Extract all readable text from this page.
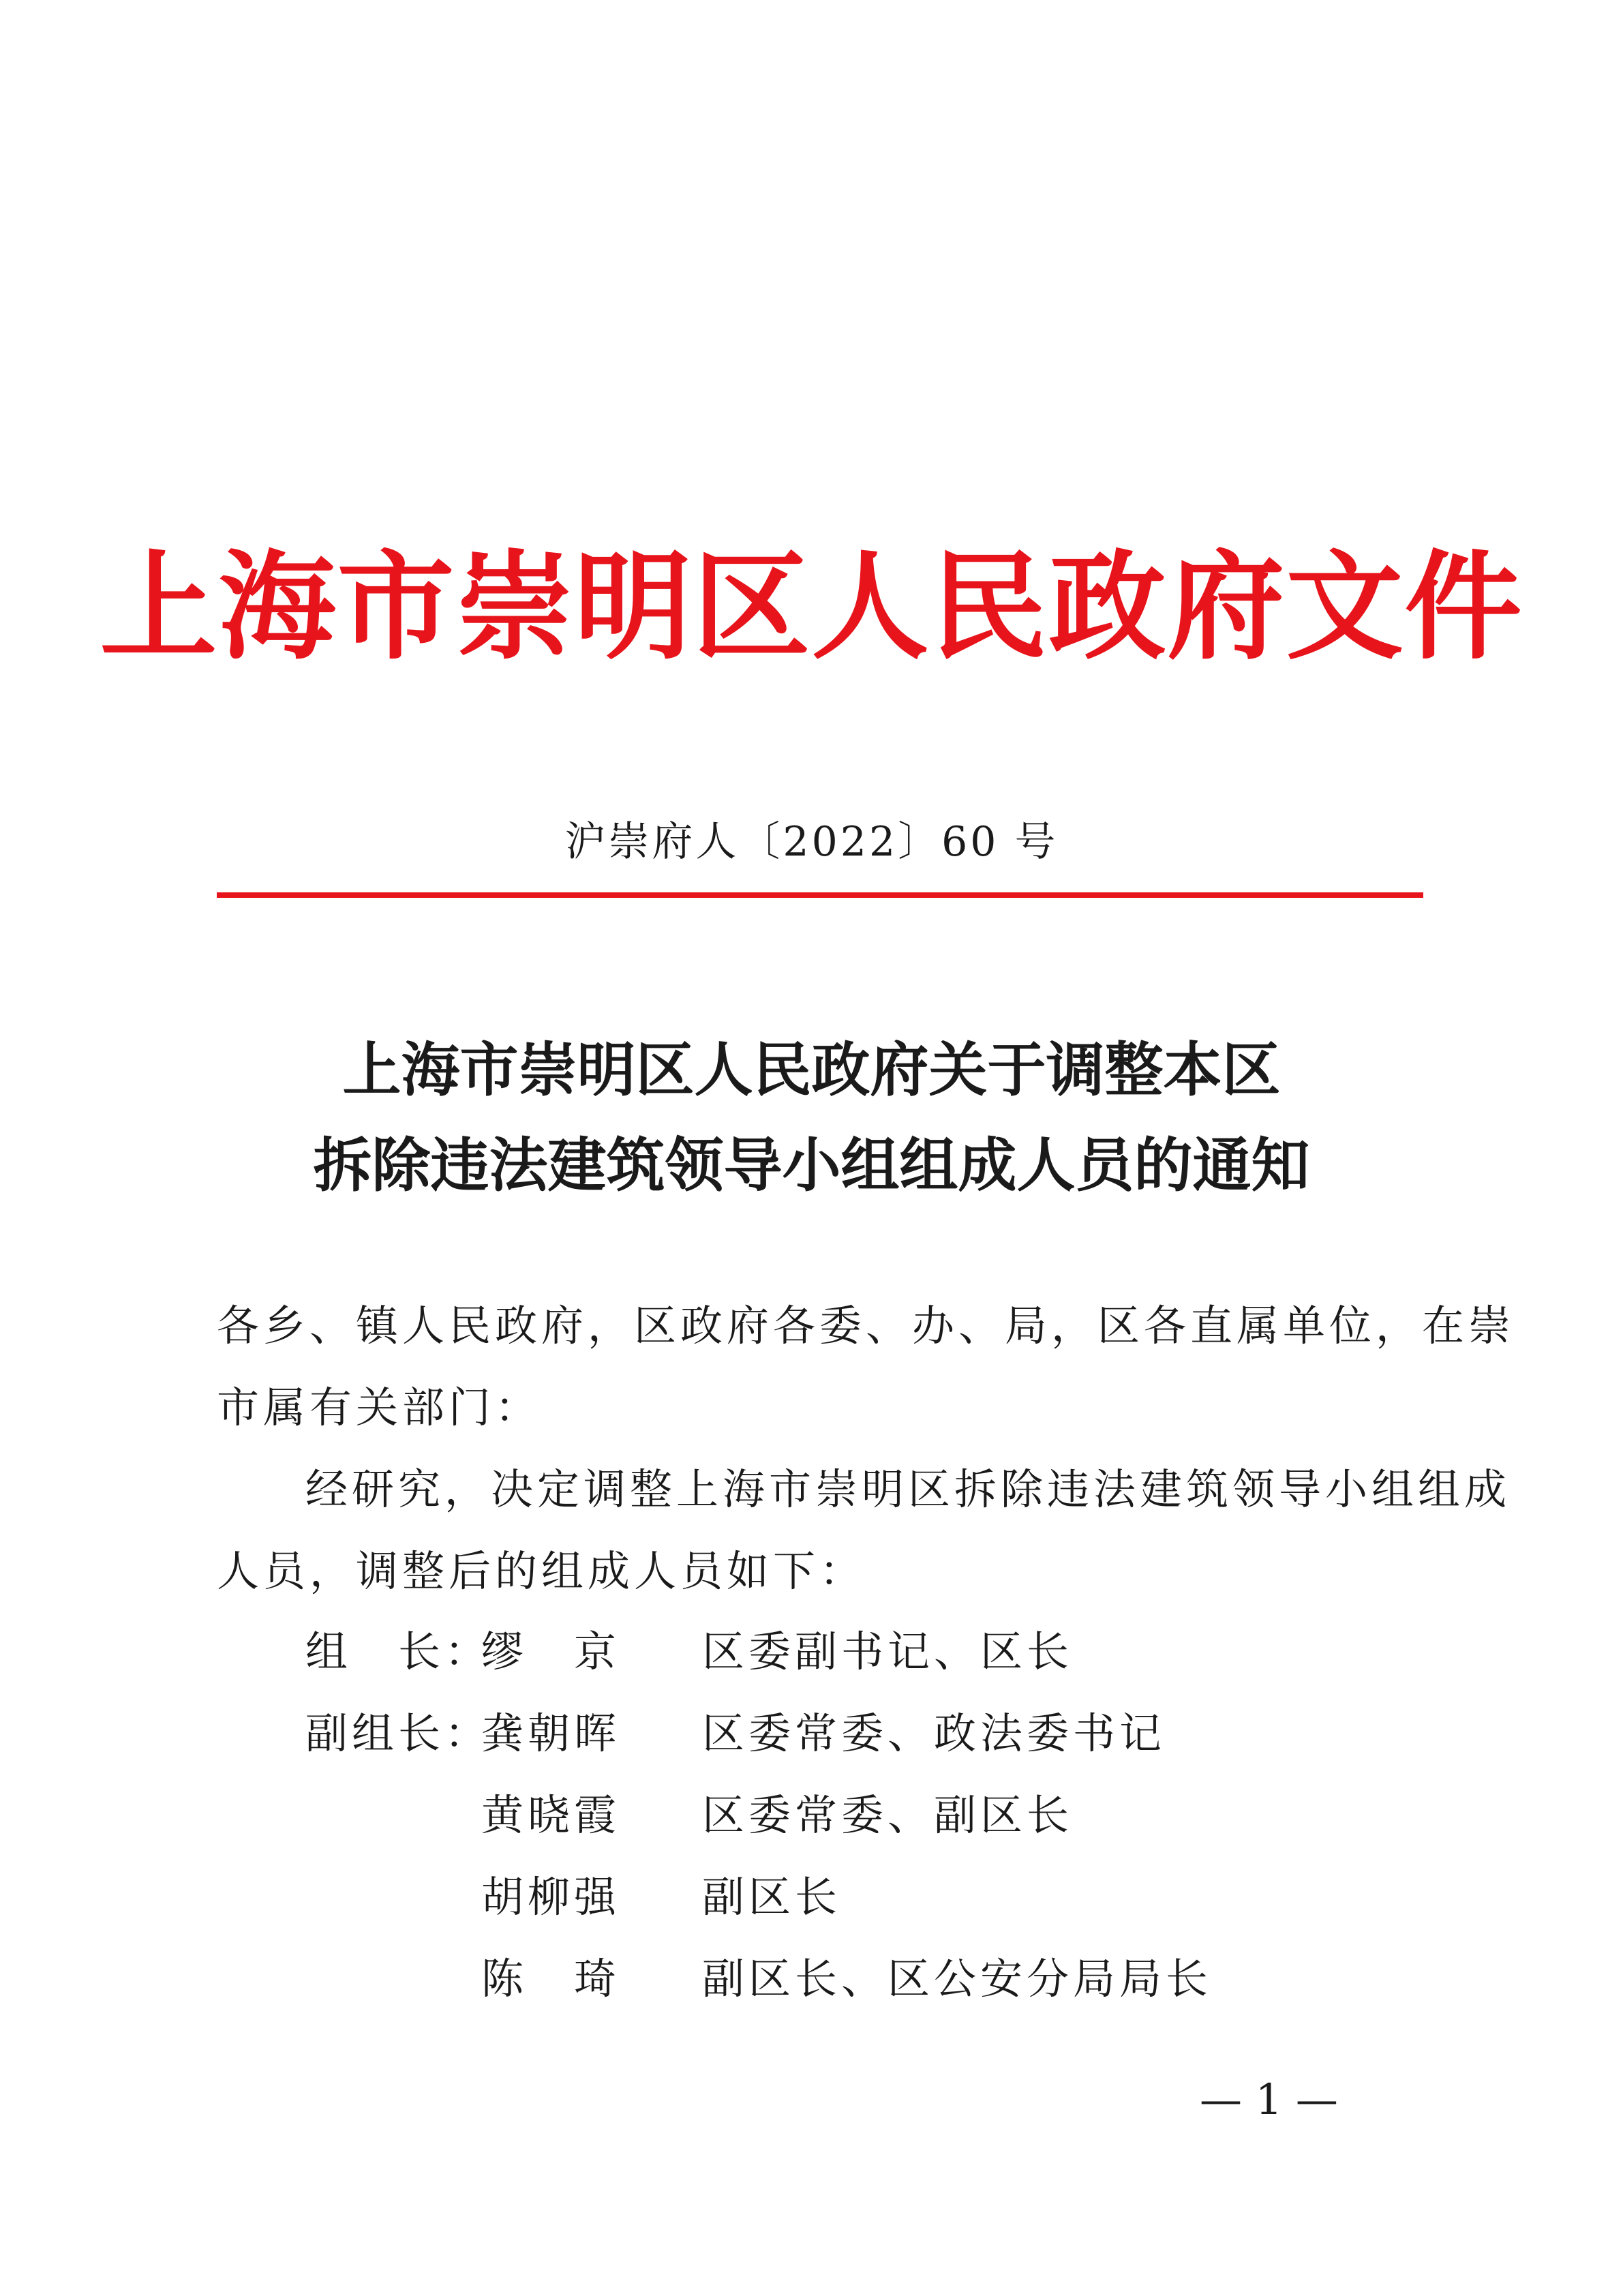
上海市崇明区人民政府文件
沪崇府人〔2022〕60 号
上海市崇明区人民政府关于调整本区
拆除违法建筑领导小组组成人员的通知
各乡、镇人民政府，区政府各委、办、局，区各直属单位，在崇
市属有关部门：
经研究，决定调整上海市崇明区拆除违法建筑领导小组组成
人员，调整后的组成人员如下：
组　长：
缪　京 区委副书记、区长
副组长：
龚朝晖 区委常委、政法委书记
黄晓霞 区委常委、副区长
胡柳强 副区长
陈　琦 副区长、区公安分局局长
— 1 —
